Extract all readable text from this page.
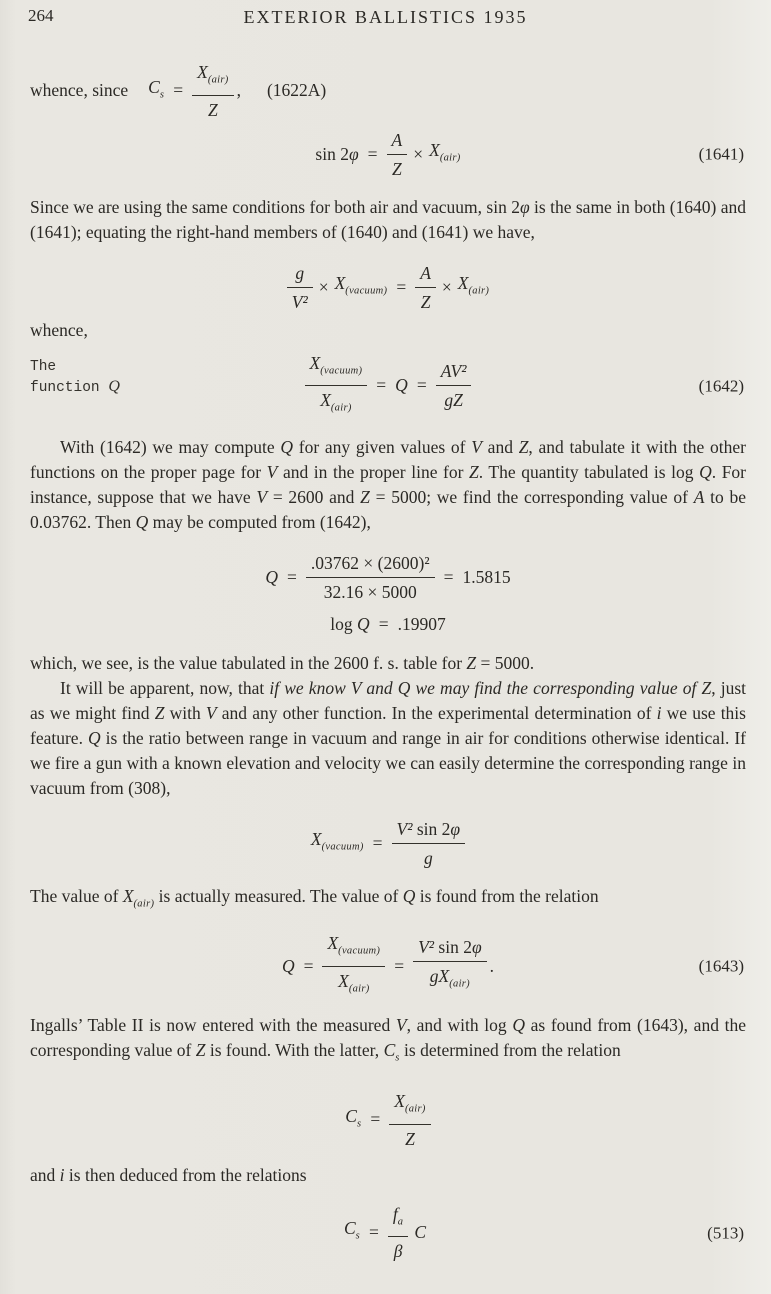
264	EXTERIOR BALLISTICS 1935
whence, since $C_s = \frac{X_{(air)}}{Z}$ , (1622A)
$\sin 2\varphi = \frac{A}{Z} \times X_{(air)}$	(1641)

Since we are using the same conditions for both air and vacuum, sin 2φ is the same in both (1640) and (1641); equating the right-hand members of (1640) and (1641) we have,

$\frac{g}{\text{V²}} \times X_{(vacuum)} = \frac{A}{Z} \times X_{(air)}$

whence,

The
function Q	$\frac{X_{(vacuum)}}{X_{(air)}} = Q = \frac{\text{AV²}}{gZ}$	(1642)

With (1642) we may compute Q for any given values of V and Z, and tabulate it with the other functions on the proper page for V and in the proper line for Z. The quantity tabulated is log Q. For instance, suppose that we have V = 2600 and Z = 5000; we find the corresponding value of A to be 0.03762. Then Q may be computed from (1642),

$Q = \frac{\text{.03762 × (2600)²}}{32.16 \times 5000} = 1.5815$
log Q = .19907

which, we see, is the value tabulated in the 2600 f. s. table for Z = 5000.

It will be apparent, now, that if we know V and Q we may find the corresponding value of Z, just as we might find Z with V and any other function. In the experimental determination of i we use this feature. Q is the ratio between range in vacuum and range in air for conditions otherwise identical. If we fire a gun with a known elevation and velocity we can easily determine the corresponding range in vacuum from (308),

$X_{(vacuum)} = \frac{\text{V² sin 2φ}}{g}$

The value of $X_{(air)}$ is actually measured. The value of Q is found from the relation

$Q = \frac{X_{(vacuum)}}{X_{(air)}} = \frac{\text{V² sin 2φ}}{gX_{(air)}}$ .	(1643)

Ingalls’ Table II is now entered with the measured V, and with log Q as found from (1643), and the corresponding value of Z is found. With the latter, $C_s$ is determined from the relation

$C_s = \frac{X_{(air)}}{Z}$

and i is then deduced from the relations

$C_s = \frac{f_a}{\beta}$ C	(513)
